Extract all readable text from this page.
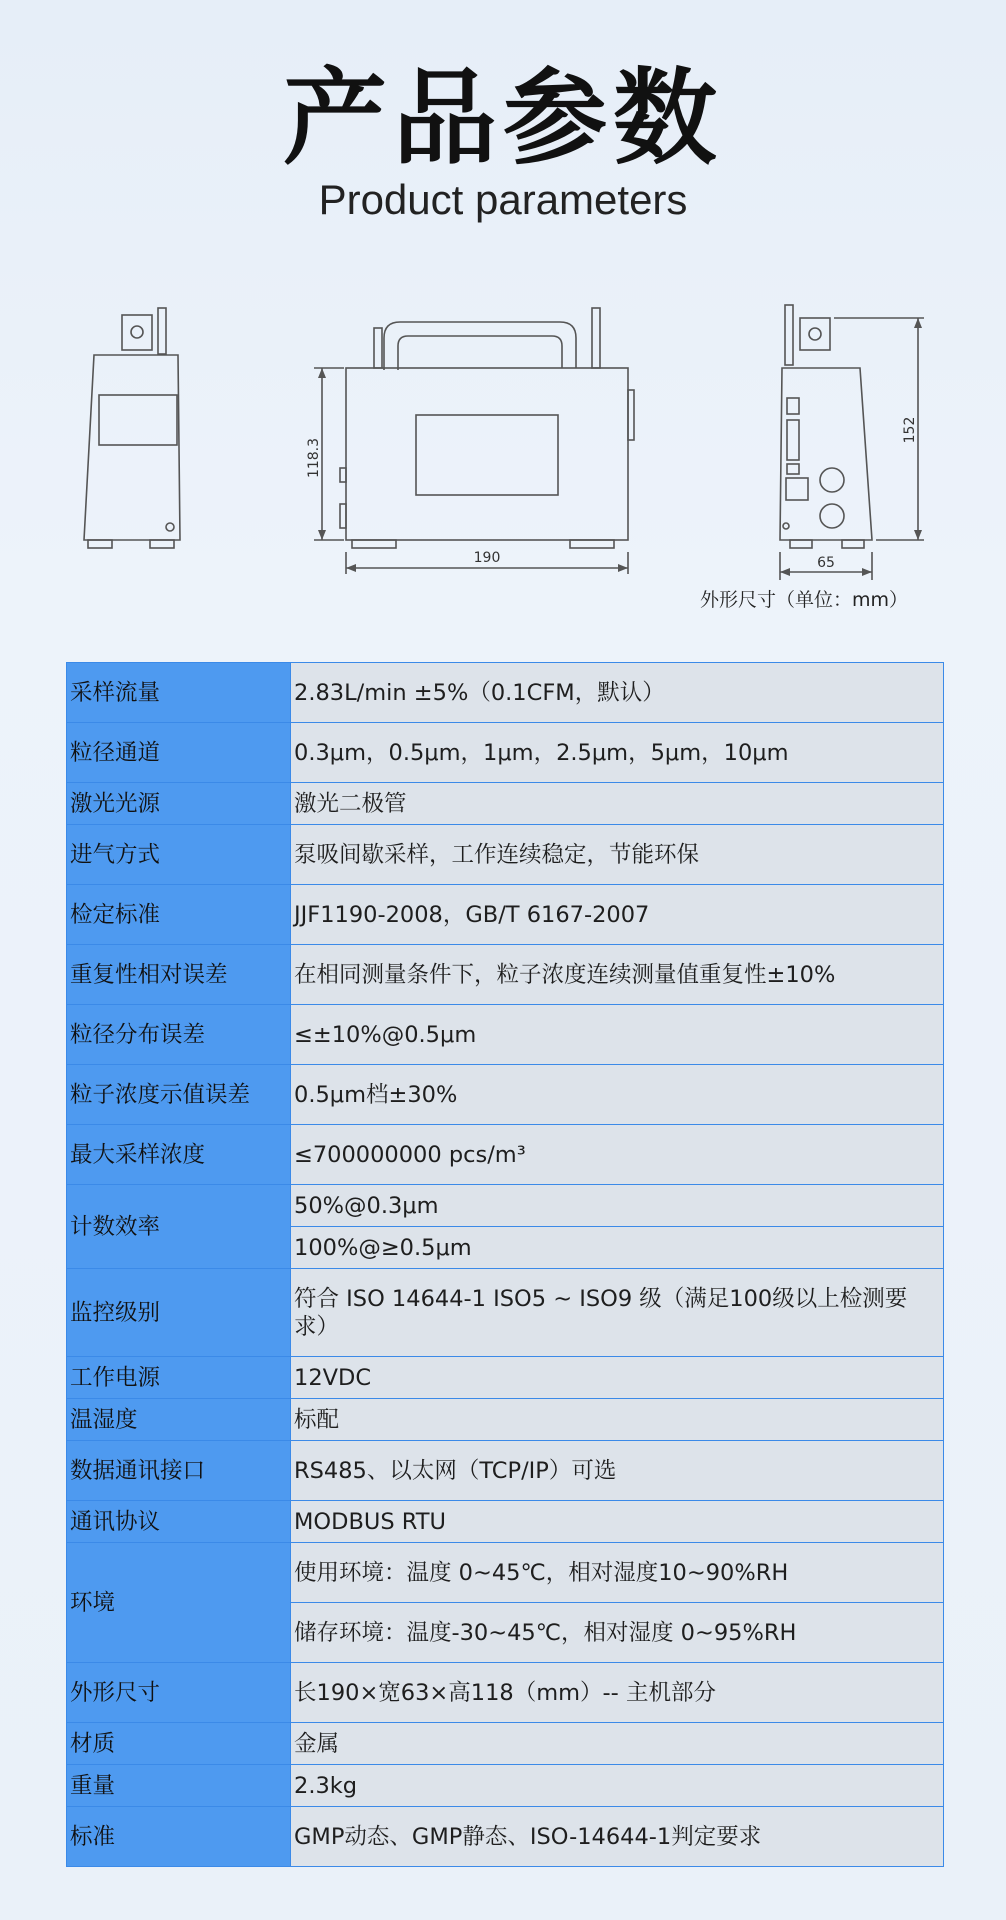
产品参数
Product parameters
118.3
190
152
65
外形尺寸（单位：mm）
采样流量	2.83L/min ±5%（0.1CFM，默认）
粒径通道	0.3μm，0.5μm，1μm，2.5μm，5μm，10μm
激光光源	激光二极管
进气方式	泵吸间歇采样，工作连续稳定，节能环保
检定标准	JJF1190-2008，GB/T 6167-2007
重复性相对误差	在相同测量条件下，粒子浓度连续测量值重复性±10%
粒径分布误差	≤±10%@0.5μm
粒子浓度示值误差	0.5μm档±30%
最大采样浓度	≤700000000 pcs/m³
计数效率	50%@0.3μm
	100%@≥0.5μm
监控级别	符合 ISO 14644-1 ISO5 ~ ISO9 级（满足100级以上检测要求）
工作电源	12VDC
温湿度	标配
数据通讯接口	RS485、以太网（TCP/IP）可选
通讯协议	MODBUS RTU
环境	使用环境：温度 0~45℃，相对湿度10~90%RH
	储存环境：温度-30~45℃，相对湿度 0~95%RH
外形尺寸	长190×宽63×高118（mm）-- 主机部分
材质	金属
重量	2.3kg
标准	GMP动态、GMP静态、ISO-14644-1判定要求
